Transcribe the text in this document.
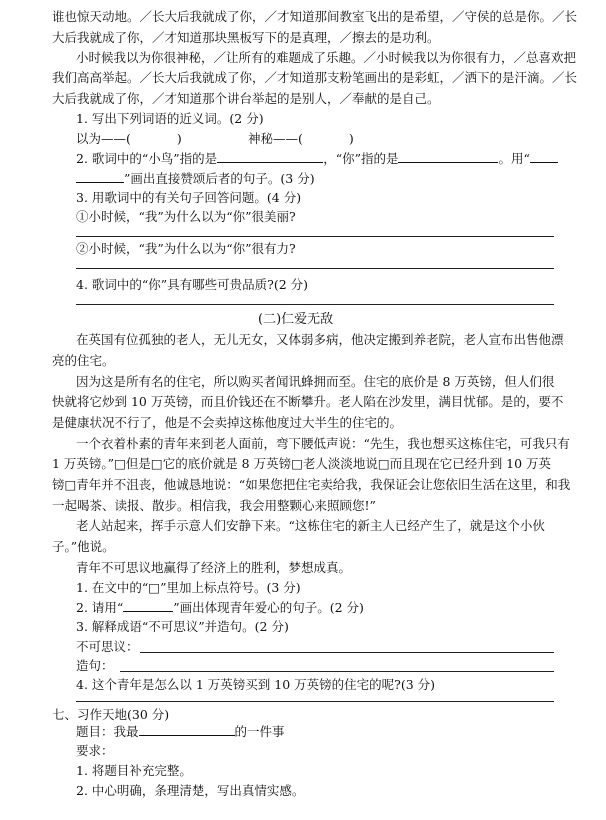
谁也惊天动地。／长大后我就成了你，／才知道那间教室飞出的是希望，／守侯的总是你。／长
大后我就成了你，／才知道那块黑板写下的是真理，／擦去的是功利。
小时候我以为你很神秘，／让所有的难题成了乐趣。／小时候我以为你很有力，／总喜欢把
我们高高举起。／长大后我就成了你，／才知道那支粉笔画出的是彩虹，／洒下的是汗滴。／长
大后我就成了你，／才知道那个讲台举起的是别人，／奉献的是自己。
1. 写出下列词语的近义词。(2 分)
以为——(	)	神秘——(	)
2. 歌词中的“小鸟”指的是	，“你”指的是	。用“
”画出直接赞颂后者的句子。(3 分)
3. 用歌词中的有关句子回答问题。(4 分)
①小时候，“我”为什么以为“你”很美丽?
②小时候，“我”为什么以为“你”很有力?
4. 歌词中的“你”具有哪些可贵品质?(2 分)
(二)仁爱无敌
在英国有位孤独的老人，无儿无女，又体弱多病，他决定搬到养老院，老人宣布出售他漂
亮的住宅。
因为这是所有名的住宅，所以购买者闻讯蜂拥而至。住宅的底价是 8 万英镑，但人们很
快就将它炒到 10 万英镑，而且价钱还在不断攀升。老人陷在沙发里，满目忧郁。是的，要不
是健康状况不行了，他是不会卖掉这栋他度过大半生的住宅的。
一个衣着朴素的青年来到老人面前，弯下腰低声说：“先生，我也想买这栋住宅，可我只有
1 万英镑。”□但是□它的底价就是 8 万英镑□老人淡淡地说□而且现在它已经升到 10 万英
镑□青年并不沮丧，他诚恳地说：“如果您把住宅卖给我，我保证会让您依旧生活在这里，和我
一起喝茶、读报、散步。相信我，我会用整颗心来照顾您!”
老人站起来，挥手示意人们安静下来。“这栋住宅的新主人已经产生了，就是这个小伙
子。”他说。
青年不可思议地赢得了经济上的胜利，梦想成真。
1. 在文中的“□”里加上标点符号。(3 分)
2. 请用“	”画出体现青年爱心的句子。(2 分)
3. 解释成语“不可思议”并造句。(2 分)
不可思议：
造句：
4. 这个青年是怎么以 1 万英镑买到 10 万英镑的住宅的呢?(3 分)
七、习作天地(30 分)
题目：我最	的一件事
要求：
1. 将题目补充完整。
2. 中心明确，条理清楚，写出真情实感。
